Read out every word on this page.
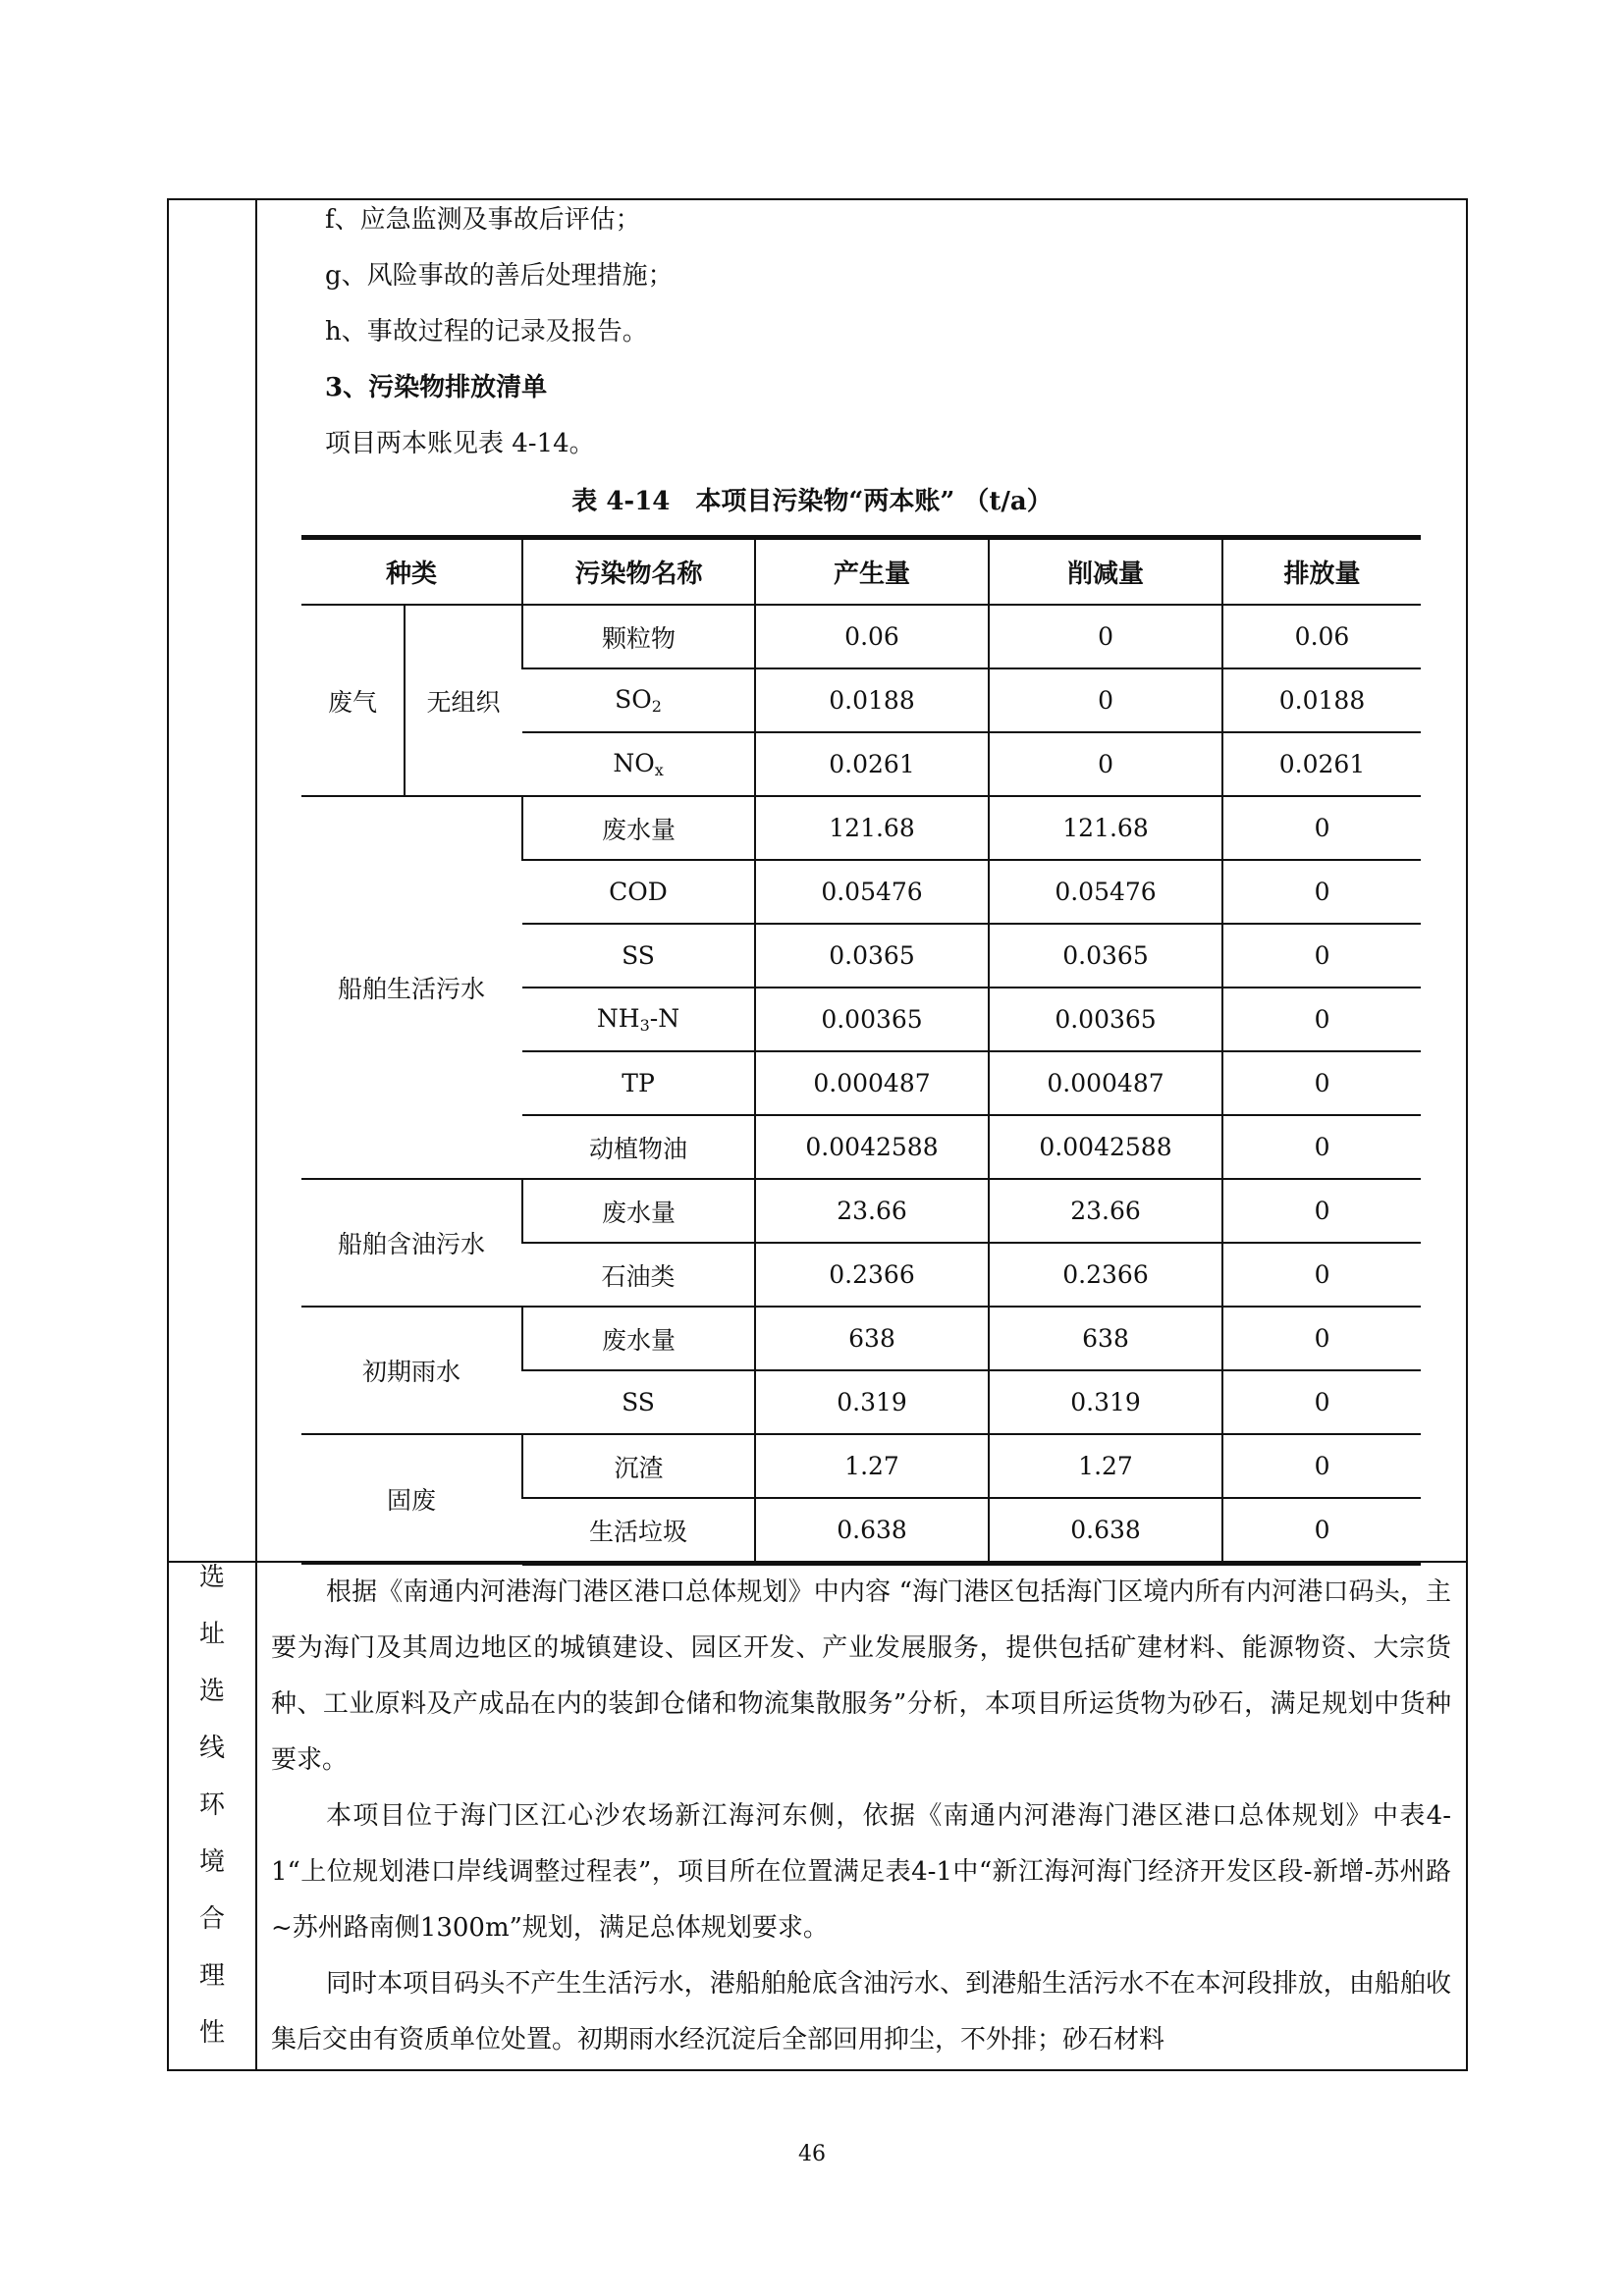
f、应急监测及事故后评估；
g、风险事故的善后处理措施；
h、事故过程的记录及报告。
3、污染物排放清单
项目两本账见表 4-14。
表 4-14　本项目污染物“两本账” （t/a）
种类		污染物名称	产生量	削减量	排放量
废气	无组织	颗粒物	0.06	0	0.06
		$SO_2$	0.0188	0	0.0188
		$NO_x$	0.0261	0	0.0261
船舶生活污水		废水量	121.68	121.68	0
		COD	0.05476	0.05476	0
		SS	0.0365	0.0365	0
		$NH_3-N$	0.00365	0.00365	0
		TP	0.000487	0.000487	0
		动植物油	0.0042588	0.0042588	0
船舶含油污水		废水量	23.66	23.66	0
		石油类	0.2366	0.2366	0
初期雨水		废水量	638	638	0
		SS	0.319	0.319	0
固废		沉渣	1.27	1.27	0
		生活垃圾	0.638	0.638	0
选
址
选
线
环
境
合
理
性
根据《南通内河港海门港区港口总体规划》中内容 “海门港区包括海门区境内所有内河港口码头，主要为海门及其周边地区的城镇建设、园区开发、产业发展服务，提供包括矿建材料、能源物资、大宗货种、工业原料及产成品在内的装卸仓储和物流集散服务”分析，本项目所运货物为砂石，满足规划中货种要求。
本项目位于海门区江心沙农场新江海河东侧，依据《南通内河港海门港区港口总体规划》中表4-1“上位规划港口岸线调整过程表”，项目所在位置满足表4-1中“新江海河海门经济开发区段-新增-苏州路~苏州路南侧1300m”规划，满足总体规划要求。
同时本项目码头不产生生活污水，港船舶舱底含油污水、到港船生活污水不在本河段排放，由船舶收集后交由有资质单位处置。初期雨水经沉淀后全部回用抑尘，不外排；砂石材料
46
